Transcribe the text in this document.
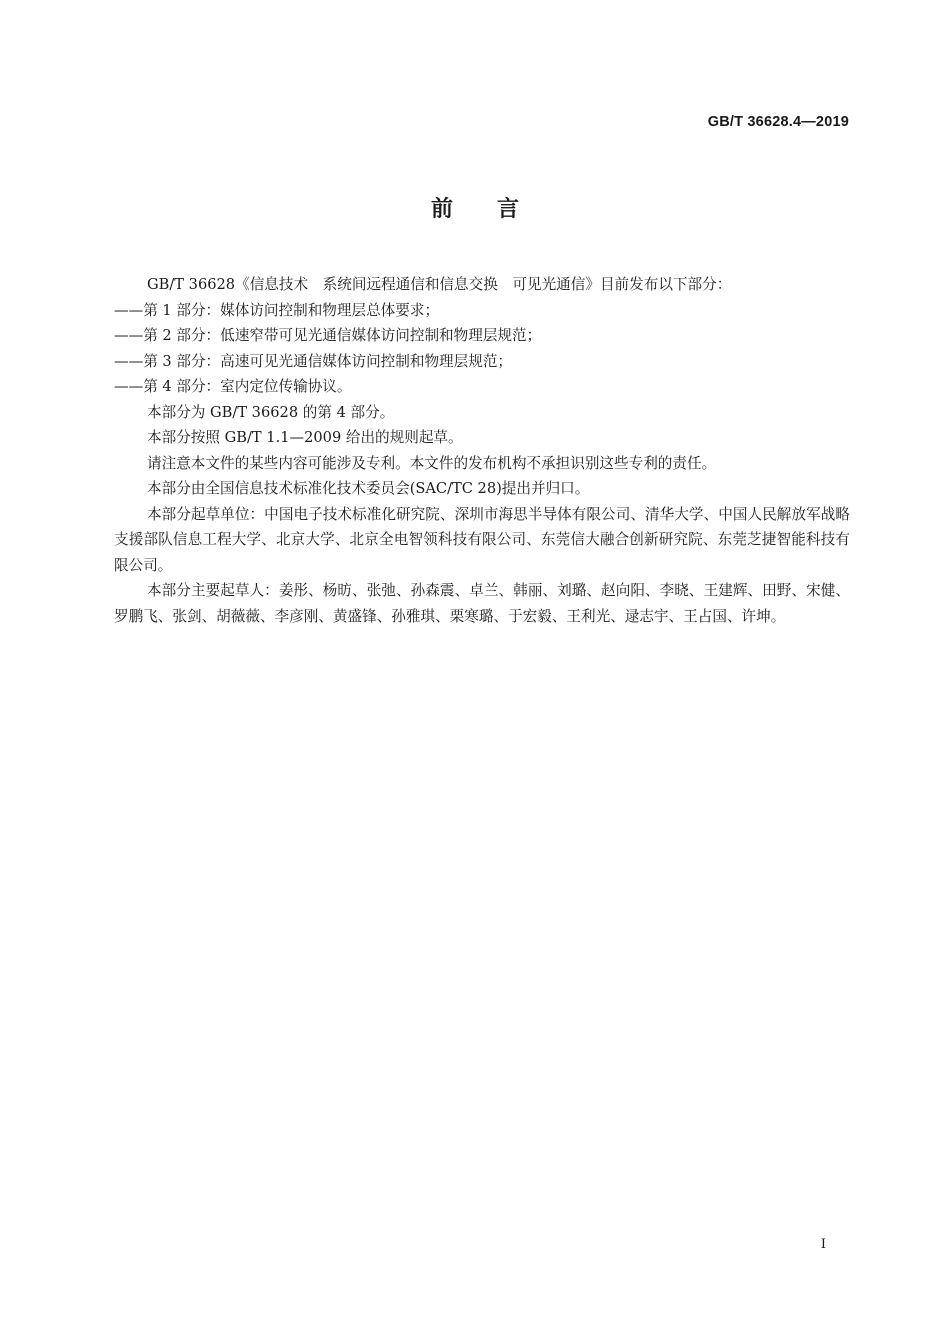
GB/T 36628.4—2019
前　　言

GB/T 36628《信息技术　系统间远程通信和信息交换　可见光通信》目前发布以下部分：

——第 1 部分：媒体访问控制和物理层总体要求；

——第 2 部分：低速窄带可见光通信媒体访问控制和物理层规范；

——第 3 部分：高速可见光通信媒体访问控制和物理层规范；

——第 4 部分：室内定位传输协议。

本部分为 GB/T 36628 的第 4 部分。

本部分按照 GB/T 1.1—2009 给出的规则起草。

请注意本文件的某些内容可能涉及专利。本文件的发布机构不承担识别这些专利的责任。

本部分由全国信息技术标准化技术委员会(SAC/TC 28)提出并归口。

本部分起草单位：中国电子技术标准化研究院、深圳市海思半导体有限公司、清华大学、中国人民解放军战略支援部队信息工程大学、北京大学、北京全电智领科技有限公司、东莞信大融合创新研究院、东莞芝捷智能科技有限公司。

本部分主要起草人：姜彤、杨昉、张弛、孙森震、卓兰、韩丽、刘璐、赵向阳、李晓、王建辉、田野、宋健、罗鹏飞、张剑、胡薇薇、李彦刚、黄盛锋、孙雅琪、栗寒璐、于宏毅、王利光、逯志宇、王占国、许坤。

I
